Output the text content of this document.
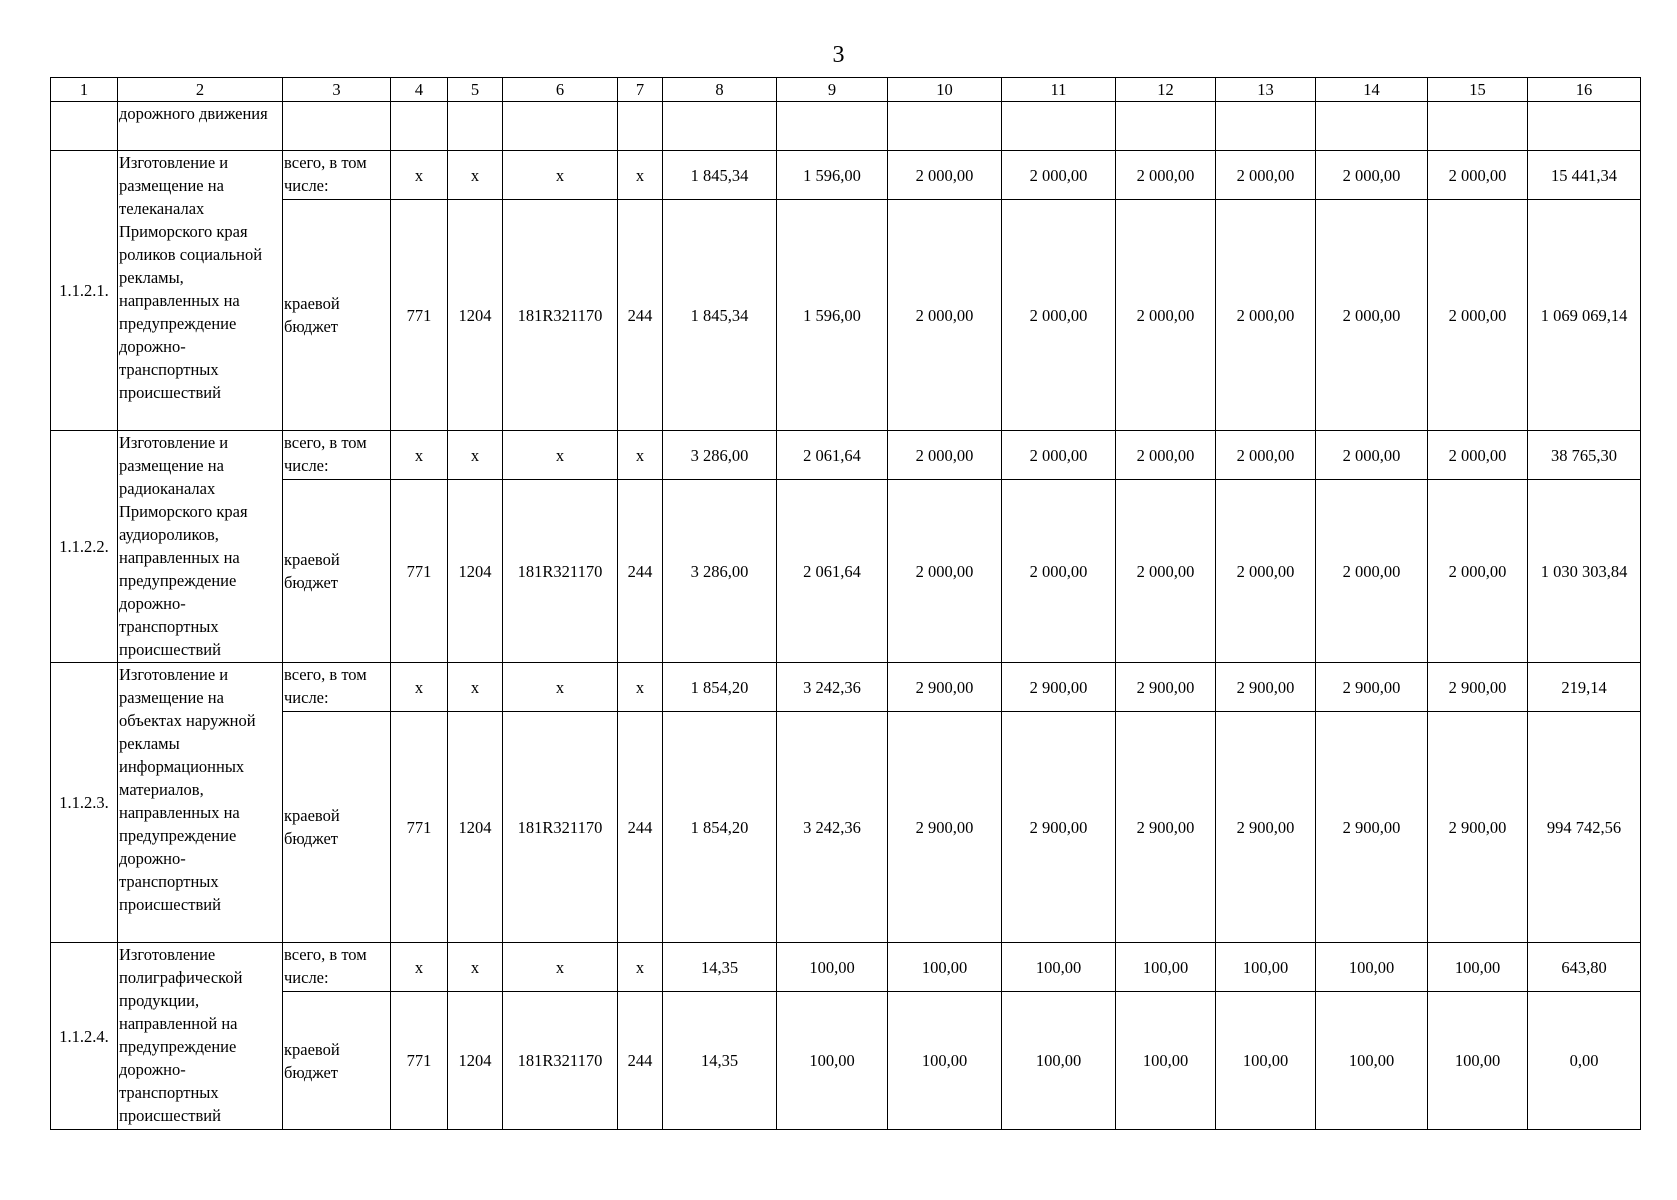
3
1	2	3	4	5	6	7	8	9	10	11	12	13	14	15	16
	дорожного движения														
1.1.2.1.	Изготовление и размещение на телеканалах Приморского края роликов социальной рекламы, направленных на предупреждение дорожно-транспортных происшествий	всего, в том числе:	x	x	x	x	1 845,34	1 596,00	2 000,00	2 000,00	2 000,00	2 000,00	2 000,00	2 000,00	15 441,34
		краевой бюджет	771	1204	181R321170	244	1 845,34	1 596,00	2 000,00	2 000,00	2 000,00	2 000,00	2 000,00	2 000,00	1 069 069,14
1.1.2.2.	Изготовление и размещение на радиоканалах Приморского края аудиороликов, направленных на предупреждение дорожно-транспортных происшествий	всего, в том числе:	x	x	x	x	3 286,00	2 061,64	2 000,00	2 000,00	2 000,00	2 000,00	2 000,00	2 000,00	38 765,30
		краевой бюджет	771	1204	181R321170	244	3 286,00	2 061,64	2 000,00	2 000,00	2 000,00	2 000,00	2 000,00	2 000,00	1 030 303,84
1.1.2.3.	Изготовление и размещение на объектах наружной рекламы информационных материалов, направленных на предупреждение дорожно-транспортных происшествий	всего, в том числе:	x	x	x	x	1 854,20	3 242,36	2 900,00	2 900,00	2 900,00	2 900,00	2 900,00	2 900,00	219,14
		краевой бюджет	771	1204	181R321170	244	1 854,20	3 242,36	2 900,00	2 900,00	2 900,00	2 900,00	2 900,00	2 900,00	994 742,56
1.1.2.4.	Изготовление полиграфической продукции, направленной на предупреждение дорожно-транспортных происшествий	всего, в том числе:	x	x	x	x	14,35	100,00	100,00	100,00	100,00	100,00	100,00	100,00	643,80
		краевой бюджет	771	1204	181R321170	244	14,35	100,00	100,00	100,00	100,00	100,00	100,00	100,00	0,00
